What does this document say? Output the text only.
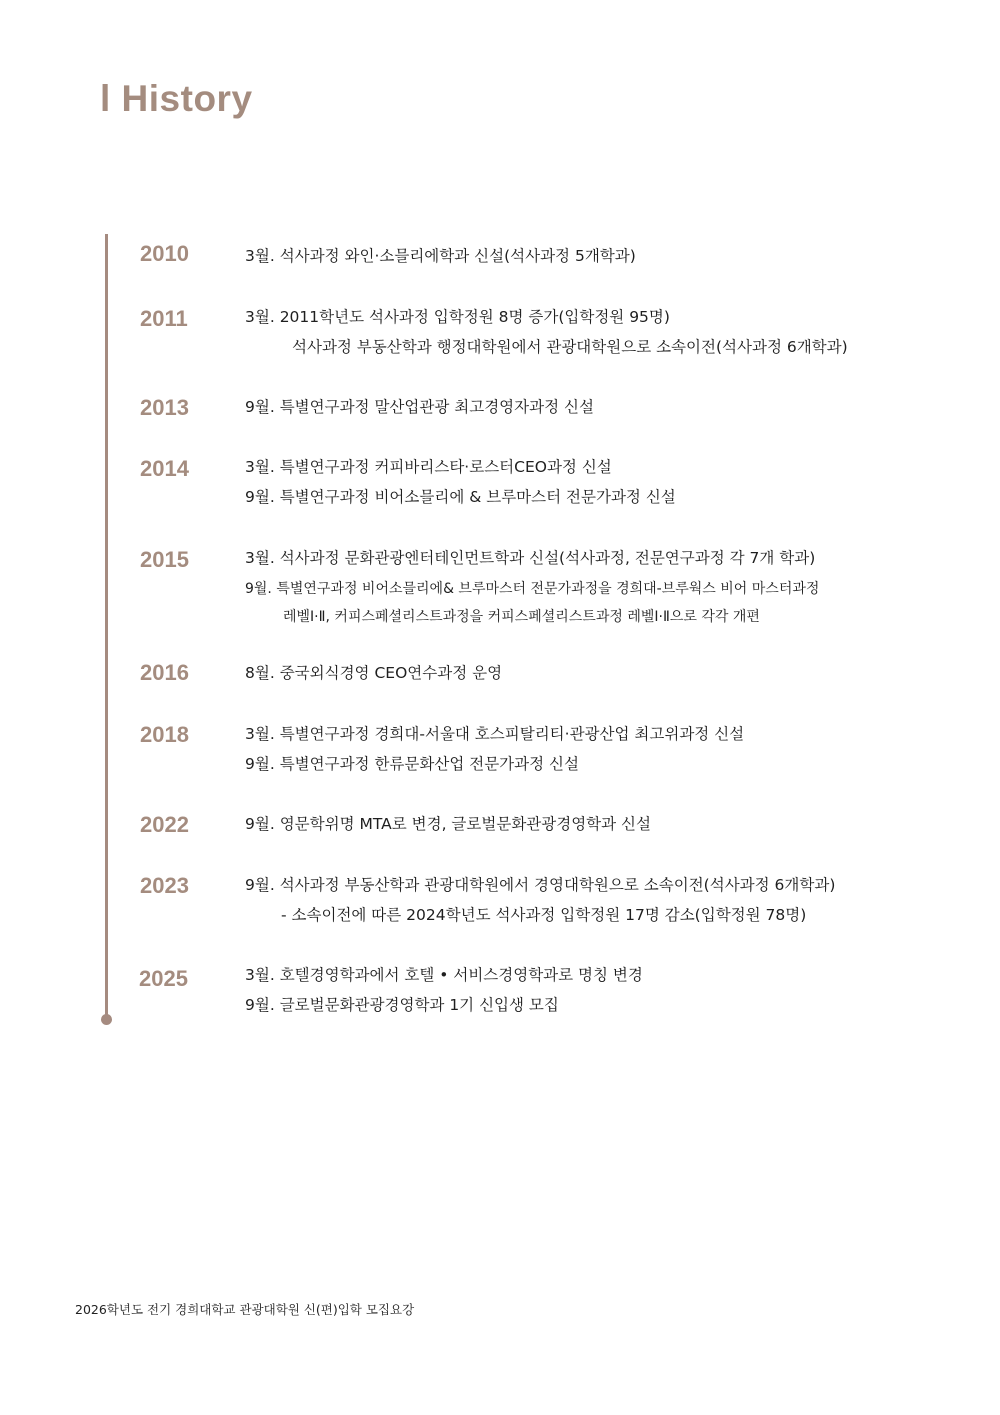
l History
2010	3월. 석사과정 와인·소믈리에학과 신설(석사과정 5개학과)
2011	3월. 2011학년도 석사과정 입학정원 8명 증가(입학정원 95명)
석사과정 부동산학과 행정대학원에서 관광대학원으로 소속이전(석사과정 6개학과)
2013	9월. 특별연구과정 말산업관광 최고경영자과정 신설
2014	3월. 특별연구과정 커피바리스타·로스터CEO과정 신설
9월. 특별연구과정 비어소믈리에 & 브루마스터 전문가과정 신설
2015	3월. 석사과정 문화관광엔터테인먼트학과 신설(석사과정, 전문연구과정 각 7개 학과)
9월. 특별연구과정 비어소믈리에& 브루마스터 전문가과정을 경희대-브루웍스 비어 마스터과정
레벨Ⅰ·Ⅱ, 커피스페셜리스트과정을 커피스페셜리스트과정 레벨Ⅰ·Ⅱ으로 각각 개편
2016	8월. 중국외식경영 CEO연수과정 운영
2018	3월. 특별연구과정 경희대-서울대 호스피탈리티·관광산업 최고위과정 신설
9월. 특별연구과정 한류문화산업 전문가과정 신설
2022	9월. 영문학위명 MTA로 변경, 글로벌문화관광경영학과 신설
2023	9월. 석사과정 부동산학과 관광대학원에서 경영대학원으로 소속이전(석사과정 6개학과)
- 소속이전에 따른 2024학년도 석사과정 입학정원 17명 감소(입학정원 78명)
2025	3월. 호텔경영학과에서 호텔 • 서비스경영학과로 명칭 변경
9월. 글로벌문화관광경영학과 1기 신입생 모집
2026학년도 전기 경희대학교 관광대학원 신(편)입학 모집요강
